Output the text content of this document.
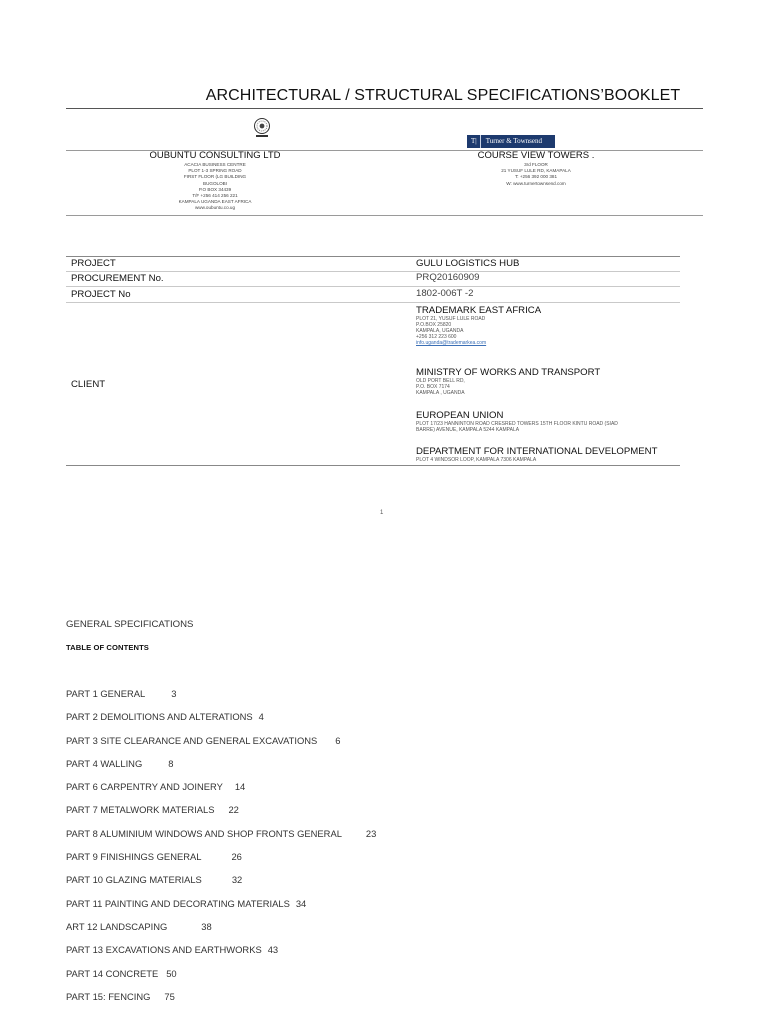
ARCHITECTURAL / STRUCTURAL SPECIFICATIONS’BOOKLET
T|	Turner & Townsend
OUBUNTU CONSULTING LTD
ACACIA BUSINESS CENTRE
PLOT 1-3 SPRING ROAD
FIRST FLOOR (LG BUILDING
BUGOLOBI
P.O BOX 34439
T/F +256 414 256 221
KAMPALA UGANDA EAST AFRICA
www.oubuntu.co.ug
COURSE VIEW TOWERS .
3rd FLOOR
21 YUSUF LULE RD, KAMAPALA
T: +256 392 000 381
W: www.turnertownsend.com
PROJECT	GULU LOGISTICS HUB
PROCUREMENT No.	PRQ20160909
PROJECT No	1802-006T -2
CLIENT
TRADEMARK EAST AFRICA
PLOT 21, YUSUF LULE ROAD
P.O.BOX 25820
KAMPALA, UGANDA
+256 312 223 600
info.uganda@trademarkea.com
MINISTRY OF WORKS AND TRANSPORT
OLD PORT BELL RD,
P.O. BOX 7174
KAMPALA , UGANDA
EUROPEAN UNION
PLOT 17/23 HANNINTON ROAD CRESRED TOWERS 15TH FLOOR KINTU ROAD (SIAD
BARRE) AVENUE, KAMPALA 5244 KAMPALA
DEPARTMENT FOR INTERNATIONAL DEVELOPMENT
PLOT 4 WINDSOR LOOP, KAMPALA 7306 KAMPALA
1
GENERAL SPECIFICATIONS
TABLE OF CONTENTS
PART 1 GENERAL	3
PART 2 DEMOLITIONS AND ALTERATIONS 4
PART 3 SITE CLEARANCE AND GENERAL EXCAVATIONS 6
PART 4 WALLING	8
PART 6 CARPENTRY AND JOINERY 14
PART 7 METALWORK MATERIALS 22
PART 8 ALUMINIUM WINDOWS AND SHOP FRONTS GENERAL	23
PART 9 FINISHINGS GENERAL	26
PART 10 GLAZING MATERIALS	32
PART 11 PAINTING AND DECORATING MATERIALS 34
ART 12 LANDSCAPING	38
PART 13 EXCAVATIONS AND EARTHWORKS 43
PART 14 CONCRETE 50
PART 15: FENCING 75
